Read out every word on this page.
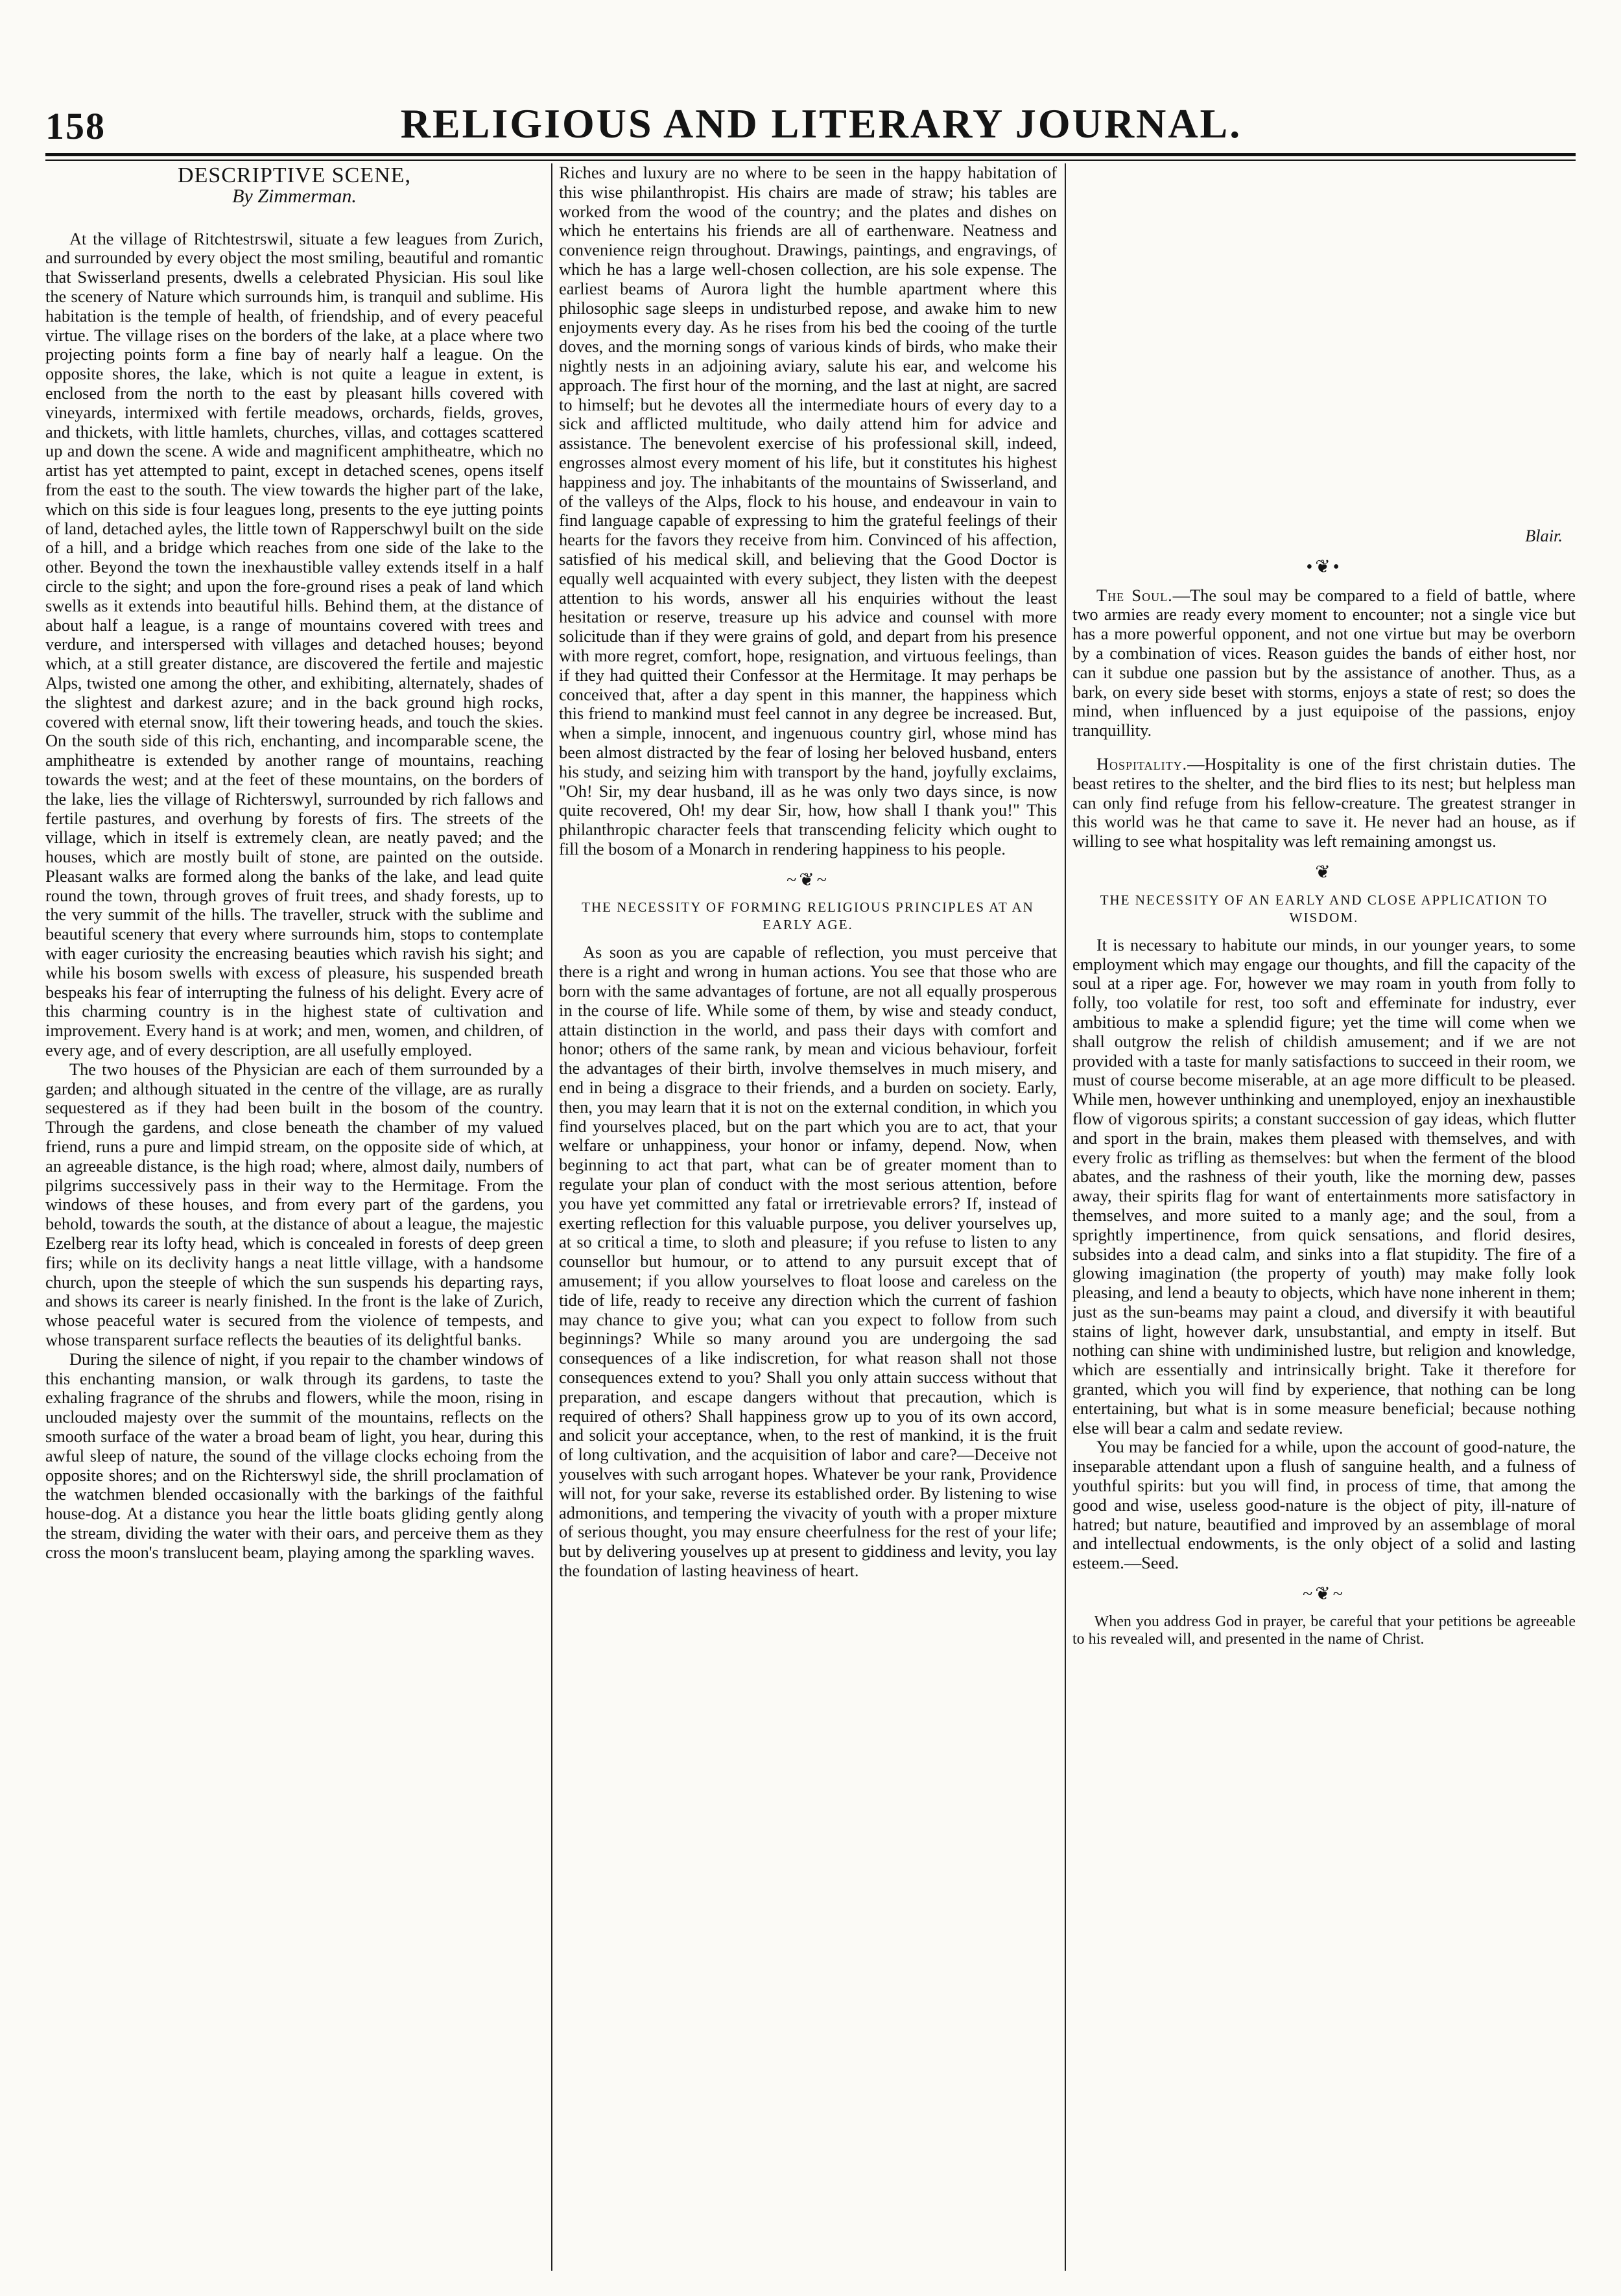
158	RELIGIOUS AND LITERARY JOURNAL.
DESCRIPTIVE SCENE,
By Zimmerman.

At the village of Ritchtestrswil, situate a few leagues from Zurich, and surrounded by every object the most smiling, beautiful and romantic that Swisserland presents, dwells a celebrated Physician. His soul like the scenery of Nature which surrounds him, is tranquil and sublime. His habitation is the temple of health, of friendship, and of every peaceful virtue. The village rises on the borders of the lake, at a place where two projecting points form a fine bay of nearly half a league. On the opposite shores, the lake, which is not quite a league in extent, is enclosed from the north to the east by pleasant hills covered with vineyards, intermixed with fertile meadows, orchards, fields, groves, and thickets, with little hamlets, churches, villas, and cottages scattered up and down the scene. A wide and magnificent amphitheatre, which no artist has yet attempted to paint, except in detached scenes, opens itself from the east to the south. The view towards the higher part of the lake, which on this side is four leagues long, presents to the eye jutting points of land, detached ayles, the little town of Rapperschwyl built on the side of a hill, and a bridge which reaches from one side of the lake to the other. Beyond the town the inexhaustible valley extends itself in a half circle to the sight; and upon the fore-ground rises a peak of land which swells as it extends into beautiful hills. Behind them, at the distance of about half a league, is a range of mountains covered with trees and verdure, and interspersed with villages and detached houses; beyond which, at a still greater distance, are discovered the fertile and majestic Alps, twisted one among the other, and exhibiting, alternately, shades of the slightest and darkest azure; and in the back ground high rocks, covered with eternal snow, lift their towering heads, and touch the skies. On the south side of this rich, enchanting, and incomparable scene, the amphitheatre is extended by another range of mountains, reaching towards the west; and at the feet of these mountains, on the borders of the lake, lies the village of Richterswyl, surrounded by rich fallows and fertile pastures, and overhung by forests of firs. The streets of the village, which in itself is extremely clean, are neatly paved; and the houses, which are mostly built of stone, are painted on the outside. Pleasant walks are formed along the banks of the lake, and lead quite round the town, through groves of fruit trees, and shady forests, up to the very summit of the hills. The traveller, struck with the sublime and beautiful scenery that every where surrounds him, stops to contemplate with eager curiosity the encreasing beauties which ravish his sight; and while his bosom swells with excess of pleasure, his suspended breath bespeaks his fear of interrupting the fulness of his delight. Every acre of this charming country is in the highest state of cultivation and improvement. Every hand is at work; and men, women, and children, of every age, and of every description, are all usefully employed.

The two houses of the Physician are each of them surrounded by a garden; and although situated in the centre of the village, are as rurally sequestered as if they had been built in the bosom of the country. Through the gardens, and close beneath the chamber of my valued friend, runs a pure and limpid stream, on the opposite side of which, at an agreeable distance, is the high road; where, almost daily, numbers of pilgrims successively pass in their way to the Hermitage. From the windows of these houses, and from every part of the gardens, you behold, towards the south, at the distance of about a league, the majestic Ezelberg rear its lofty head, which is concealed in forests of deep green firs; while on its declivity hangs a neat little village, with a handsome church, upon the steeple of which the sun suspends his departing rays, and shows its career is nearly finished. In the front is the lake of Zurich, whose peaceful water is secured from the violence of tempests, and whose transparent surface reflects the beauties of its delightful banks.

During the silence of night, if you repair to the chamber windows of this enchanting mansion, or walk through its gardens, to taste the exhaling fragrance of the shrubs and flowers, while the moon, rising in unclouded majesty over the summit of the mountains, reflects on the smooth surface of the water a broad beam of light, you hear, during this awful sleep of nature, the sound of the village clocks echoing from the opposite shores; and on the Richterswyl side, the shrill proclamation of the watchmen blended occasionally with the barkings of the faithful house-dog. At a distance you hear the little boats gliding gently along the stream, dividing the water with their oars, and perceive them as they cross the moon's translucent beam, playing among the sparkling waves.

Riches and luxury are no where to be seen in the happy habitation of this wise philanthropist. His chairs are made of straw; his tables are worked from the wood of the country; and the plates and dishes on which he entertains his friends are all of earthenware. Neatness and convenience reign throughout. Drawings, paintings, and engravings, of which he has a large well-chosen collection, are his sole expense. The earliest beams of Aurora light the humble apartment where this philosophic sage sleeps in undisturbed repose, and awake him to new enjoyments every day. As he rises from his bed the cooing of the turtle doves, and the morning songs of various kinds of birds, who make their nightly nests in an adjoining aviary, salute his ear, and welcome his approach. The first hour of the morning, and the last at night, are sacred to himself; but he devotes all the intermediate hours of every day to a sick and afflicted multitude, who daily attend him for advice and assistance. The benevolent exercise of his professional skill, indeed, engrosses almost every moment of his life, but it constitutes his highest happiness and joy. The inhabitants of the mountains of Swisserland, and of the valleys of the Alps, flock to his house, and endeavour in vain to find language capable of expressing to him the grateful feelings of their hearts for the favors they receive from him. Convinced of his affection, satisfied of his medical skill, and believing that the Good Doctor is equally well acquainted with every subject, they listen with the deepest attention to his words, answer all his enquiries without the least hesitation or reserve, treasure up his advice and counsel with more solicitude than if they were grains of gold, and depart from his presence with more regret, comfort, hope, resignation, and virtuous feelings, than if they had quitted their Confessor at the Hermitage. It may perhaps be conceived that, after a day spent in this manner, the happiness which this friend to mankind must feel cannot in any degree be increased. But, when a simple, innocent, and ingenuous country girl, whose mind has been almost distracted by the fear of losing her beloved husband, enters his study, and seizing him with transport by the hand, joyfully exclaims, "Oh! Sir, my dear husband, ill as he was only two days since, is now quite recovered, Oh! my dear Sir, how, how shall I thank you!" This philanthropic character feels that transcending felicity which ought to fill the bosom of a Monarch in rendering happiness to his people.

~❦~
THE NECESSITY OF FORMING RELIGIOUS PRINCIPLES AT AN EARLY AGE.

As soon as you are capable of reflection, you must perceive that there is a right and wrong in human actions. You see that those who are born with the same advantages of fortune, are not all equally prosperous in the course of life. While some of them, by wise and steady conduct, attain distinction in the world, and pass their days with comfort and honor; others of the same rank, by mean and vicious behaviour, forfeit the advantages of their birth, involve themselves in much misery, and end in being a disgrace to their friends, and a burden on society. Early, then, you may learn that it is not on the external condition, in which you find yourselves placed, but on the part which you are to act, that your welfare or unhappiness, your honor or infamy, depend. Now, when beginning to act that part, what can be of greater moment than to regulate your plan of conduct with the most serious attention, before you have yet committed any fatal or irretrievable errors? If, instead of exerting reflection for this valuable purpose, you deliver yourselves up, at so critical a time, to sloth and pleasure; if you refuse to listen to any counsellor but humour, or to attend to any pursuit except that of amusement; if you allow yourselves to float loose and careless on the tide of life, ready to receive any direction which the current of fashion may chance to give you; what can you expect to follow from such beginnings? While so many around you are undergoing the sad consequences of a like indiscretion, for what reason shall not those consequences extend to you? Shall you only attain success without that preparation, and escape dangers without that precaution, which is required of others? Shall happiness grow up to you of its own accord, and solicit your acceptance, when, to the rest of mankind, it is the fruit of long cultivation, and the acquisition of labor and care?—Deceive not youselves with such arrogant hopes. Whatever be your rank, Providence will not, for your sake, reverse its established order. By listening to wise admonitions, and tempering the vivacity of youth with a proper mixture of serious thought, you may ensure cheerfulness for the rest of your life; but by delivering youselves up at present to giddiness and levity, you lay the foundation of lasting heaviness of heart.

Blair.
•❦•

The Soul.—The soul may be compared to a field of battle, where two armies are ready every moment to encounter; not a single vice but has a more powerful opponent, and not one virtue but may be overborn by a combination of vices. Reason guides the bands of either host, nor can it subdue one passion but by the assistance of another. Thus, as a bark, on every side beset with storms, enjoys a state of rest; so does the mind, when influenced by a just equipoise of the passions, enjoy tranquillity.

Hospitality.—Hospitality is one of the first christain duties. The beast retires to the shelter, and the bird flies to its nest; but helpless man can only find refuge from his fellow-creature. The greatest stranger in this world was he that came to save it. He never had an house, as if willing to see what hospitality was left remaining amongst us.

❦
THE NECESSITY OF AN EARLY AND CLOSE APPLICATION TO WISDOM.

It is necessary to habitute our minds, in our younger years, to some employment which may engage our thoughts, and fill the capacity of the soul at a riper age. For, however we may roam in youth from folly to folly, too volatile for rest, too soft and effeminate for industry, ever ambitious to make a splendid figure; yet the time will come when we shall outgrow the relish of childish amusement; and if we are not provided with a taste for manly satisfactions to succeed in their room, we must of course become miserable, at an age more difficult to be pleased. While men, however unthinking and unemployed, enjoy an inexhaustible flow of vigorous spirits; a constant succession of gay ideas, which flutter and sport in the brain, makes them pleased with themselves, and with every frolic as trifling as themselves: but when the ferment of the blood abates, and the rashness of their youth, like the morning dew, passes away, their spirits flag for want of entertainments more satisfactory in themselves, and more suited to a manly age; and the soul, from a sprightly impertinence, from quick sensations, and florid desires, subsides into a dead calm, and sinks into a flat stupidity. The fire of a glowing imagination (the property of youth) may make folly look pleasing, and lend a beauty to objects, which have none inherent in them; just as the sun-beams may paint a cloud, and diversify it with beautiful stains of light, however dark, unsubstantial, and empty in itself. But nothing can shine with undiminished lustre, but religion and knowledge, which are essentially and intrinsically bright. Take it therefore for granted, which you will find by experience, that nothing can be long entertaining, but what is in some measure beneficial; because nothing else will bear a calm and sedate review.

You may be fancied for a while, upon the account of good-nature, the inseparable attendant upon a flush of sanguine health, and a fulness of youthful spirits: but you will find, in process of time, that among the good and wise, useless good-nature is the object of pity, ill-nature of hatred; but nature, beautified and improved by an assemblage of moral and intellectual endowments, is the only object of a solid and lasting esteem.—Seed.

~❦~

When you address God in prayer, be careful that your petitions be agreeable to his revealed will, and presented in the name of Christ.
